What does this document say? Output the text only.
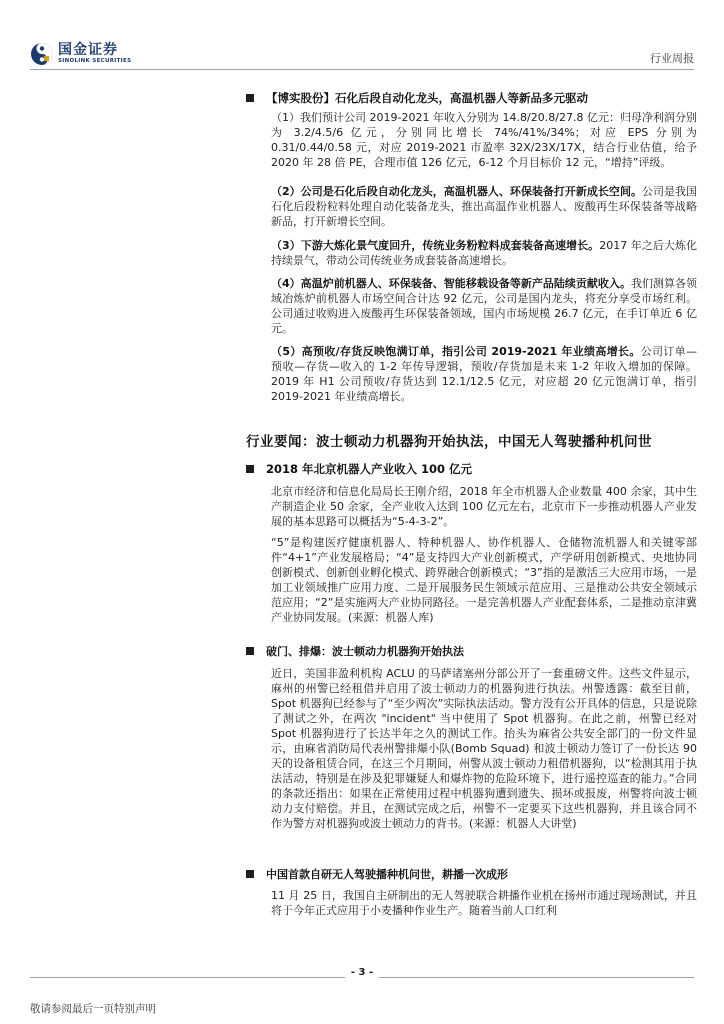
国金证券
SINOLINK SECURITIES	行业周报
【博实股份】石化后段自动化龙头，高温机器人等新品多元驱动

（1）我们预计公司 2019-2021 年收入分别为 14.8/20.8/27.8 亿元：归母净利润分别为 3.2/4.5/6 亿元，分别同比增长 74%/41%/34%；对应 EPS 分别为 0.31/0.44/0.58 元，对应 2019-2021 市盈率 32X/23X/17X，结合行业估值，给予 2020 年 28 倍 PE，合理市值 126 亿元，6-12 个月目标价 12 元，“增持”评级。

（2）公司是石化后段自动化龙头，高温机器人、环保装备打开新成长空间。公司是我国石化后段粉粒料处理自动化装备龙头，推出高温作业机器人、废酸再生环保装备等战略新品，打开新增长空间。

（3）下游大炼化景气度回升，传统业务粉粒料成套装备高速增长。2017 年之后大炼化持续景气，带动公司传统业务成套装备高速增长。

（4）高温炉前机器人、环保装备、智能移载设备等新产品陆续贡献收入。我们测算各领域冶炼炉前机器人市场空间合计达 92 亿元，公司是国内龙头，将充分享受市场红利。公司通过收购进入废酸再生环保装备领域，国内市场规模 26.7 亿元，在手订单近 6 亿元。

（5）高预收/存货反映饱满订单，指引公司 2019-2021 年业绩高增长。公司订单—预收—存货—收入的 1-2 年传导逻辑，预收/存货加是未来 1-2 年收入增加的保障。2019 年 H1 公司预收/存货达到 12.1/12.5 亿元，对应超 20 亿元饱满订单，指引 2019-2021 年业绩高增长。

行业要闻：波士顿动力机器狗开始执法，中国无人驾驶播种机问世
2018 年北京机器人产业收入 100 亿元

北京市经济和信息化局局长王刚介绍，2018 年全市机器人企业数量 400 余家，其中生产制造企业 50 余家，全产业收入达到 100 亿元左右，北京市下一步推动机器人产业发展的基本思路可以概括为“5-4-3-2”。

“5”是构建医疗健康机器人、特种机器人、协作机器人、仓储物流机器人和关键零部件“4+1”产业发展格局；“4”是支持四大产业创新模式，产学研用创新模式、央地协同创新模式、创新创业孵化模式、跨界融合创新模式；“3”指的是激活三大应用市场，一是加工业领域推广应用力度、二是开展服务民生领域示范应用、三是推动公共安全领域示范应用；“2”是实施两大产业协同路径。一是完善机器人产业配套体系，二是推动京津冀产业协同发展。(来源：机器人库)

破门、排爆：波士顿动力机器狗开始执法

近日，美国非盈利机构 ACLU 的马萨诸塞州分部公开了一套重磅文件。这些文件显示，麻州的州警已经租借并启用了波士顿动力的机器狗进行执法。州警透露：截至目前，Spot 机器狗已经参与了“至少两次”实际执法活动。警方没有公开具体的信息，只是说除了测试之外，在两次 "incident" 当中使用了 Spot 机器狗。在此之前，州警已经对 Spot 机器狗进行了长达半年之久的测试工作。抬头为麻省公共安全部门的一份文件显示，由麻省消防局代表州警排爆小队(Bomb Squad) 和波士顿动力签订了一份长达 90 天的设备租赁合同，在这三个月期间，州警从波士顿动力租借机器狗，以“检测其用于执法活动，特别是在涉及犯罪嫌疑人和爆炸物的危险环境下，进行遥控巡查的能力。”合同的条款还指出：如果在正常使用过程中机器狗遭到遗失、损坏或报废，州警将向波士顿动力支付赔偿。并且，在测试完成之后，州警不一定要买下这些机器狗，并且该合同不作为警方对机器狗或波士顿动力的背书。(来源：机器人大讲堂)

中国首款自研无人驾驶播种机问世，耕播一次成形

11 月 25 日，我国自主研制出的无人驾驶联合耕播作业机在扬州市通过现场测试，并且将于今年正式应用于小麦播种作业生产。随着当前人口红利

- 3 -
敬请参阅最后一页特别声明
